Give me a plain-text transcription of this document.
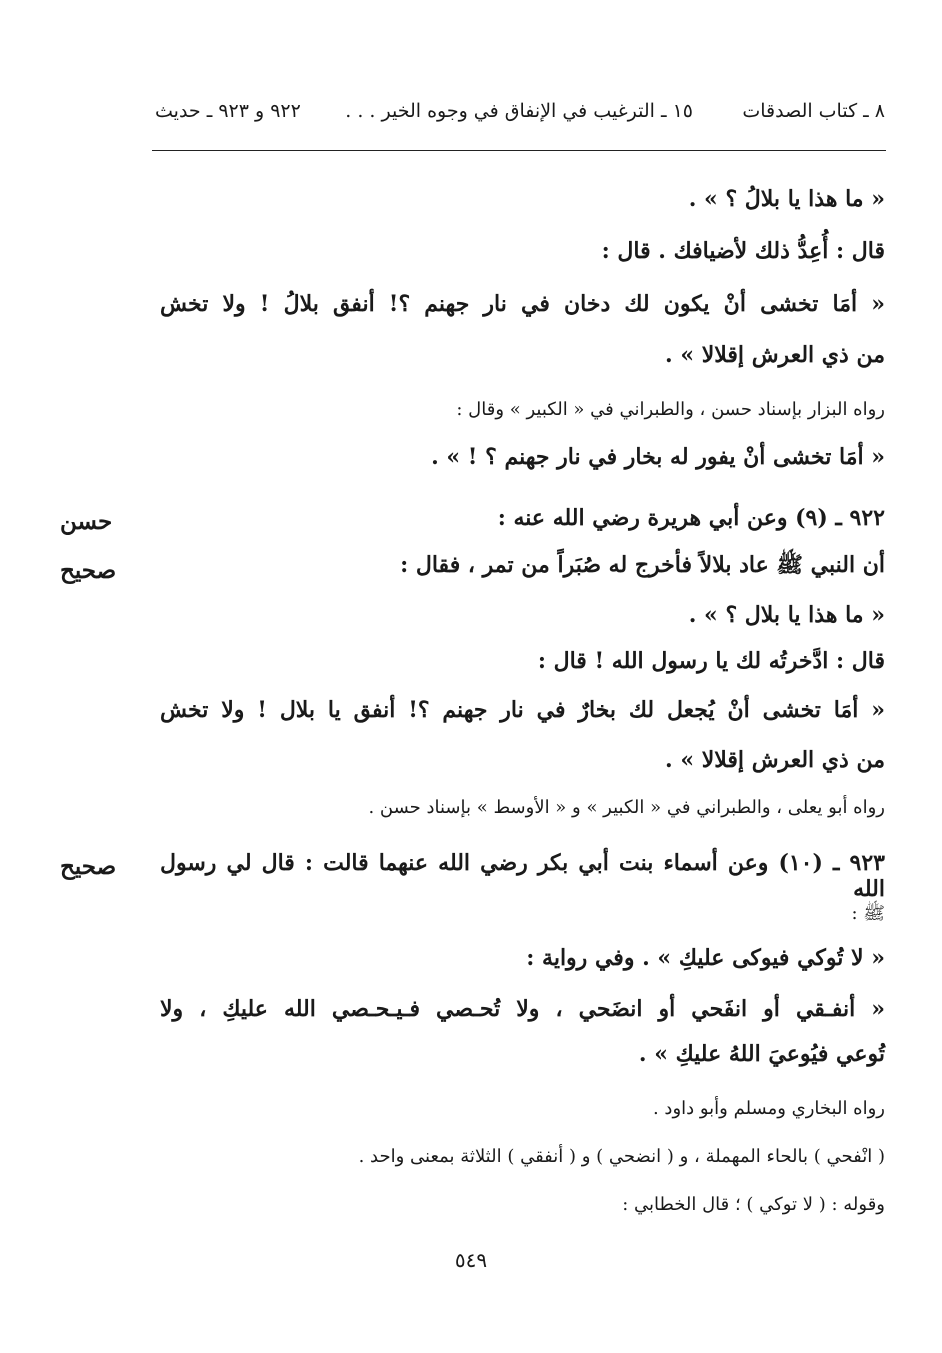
٨ ـ كتاب الصدقات
١٥ ـ الترغيب في الإنفاق في وجوه الخير . . .
٩٢٢ و ٩٢٣ ـ حديث
« ما هذا يا بلالُ ؟ » .
قال : أُعِدُّ ذلك لأضيافك . قال :
« أمَا تخشى أنْ يكون لك دخان في نار جهنم ؟! أنفق بلالُ ! ولا تخش
من ذي العرش إقلالا » .
رواه البزار بإسناد حسن ، والطبراني في « الكبير » وقال :
« أمَا تخشى أنْ يفور له بخار في نار جهنم ؟ ! » .
٩٢٢ ـ (٩) وعن أبي هريرة رضي الله عنه :
حسن
أن النبي ﷺ عاد بلالاً فأخرج له صُبَراً من تمر ، فقال :
صحيح
« ما هذا يا بلال ؟ » .
قال : ادَّخرتُه لك يا رسول الله ! قال :
« أمَا تخشى أنْ يُجعل لك بخارٌ في نار جهنم ؟! أنفق يا بلال ! ولا تخش
من ذي العرش إقلالا » .
رواه أبو يعلى ، والطبراني في « الكبير » و « الأوسط » بإسناد حسن .
٩٢٣ ـ (١٠) وعن أسماء بنت أبي بكر رضي الله عنهما قالت : قال لي رسول الله
صحيح
ﷺ :
« لا تُوكي فيوكى عليكِ » . وفي رواية :
« أنفـقي أو انفَحي أو انضَحي ، ولا تُحـصي فـيـحـصي الله عليكِ ، ولا
تُوعي فيُوعيَ اللهُ عليكِ » .
رواه البخاري ومسلم وأبو داود .
( انْفحي ) بالحاء المهملة ، و ( انضحي ) و ( أنفقي ) الثلاثة بمعنى واحد .
وقوله : ( لا توكي ) ؛ قال الخطابي :
٥٤٩
